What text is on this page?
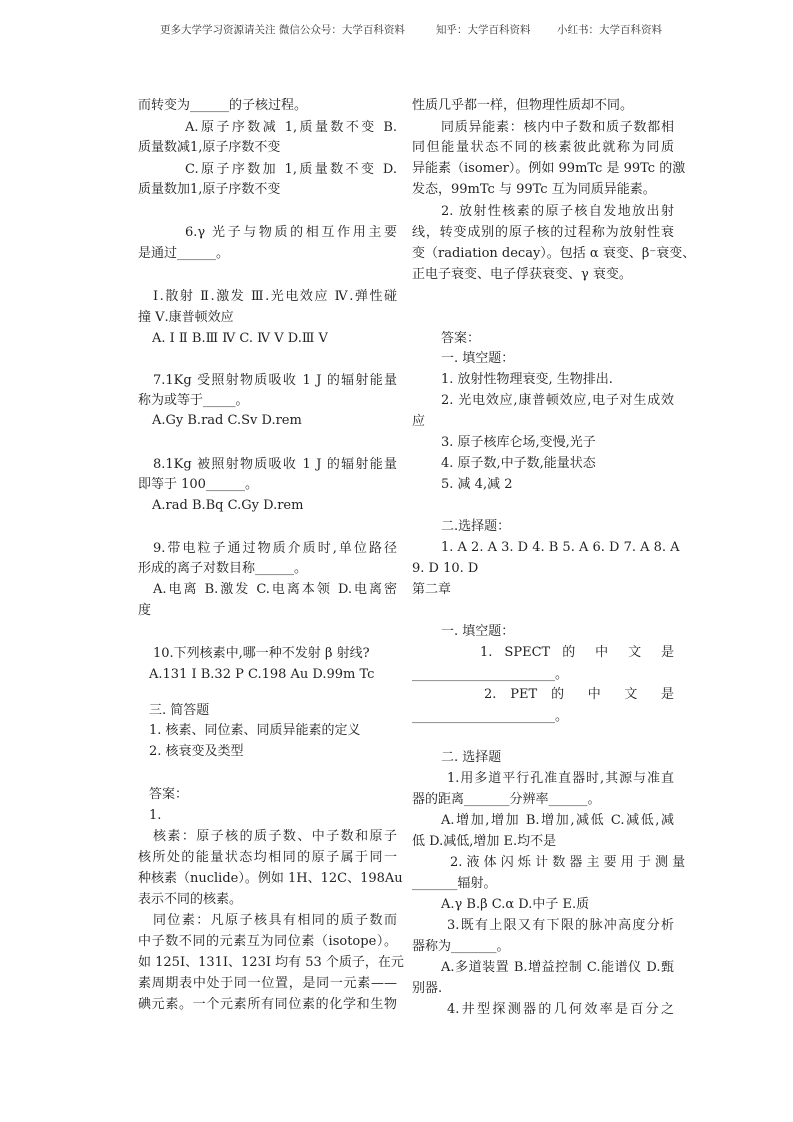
更多大学学习资源请关注 微信公众号：大学百科资料	知乎：大学百科资料	小红书：大学百科资料
而转变为______的子核过程。
A.原子序数减 1,质量数不变 B.
质量数减1,原子序数不变
C.原子序数加 1,质量数不变 D.
质量数加1,原子序数不变
6.γ 光子与物质的相互作用主要
是通过______。
Ⅰ.散射 Ⅱ.激发 Ⅲ.光电效应 Ⅳ.弹性碰
撞 Ⅴ.康普顿效应
A. Ⅰ Ⅱ B.Ⅲ Ⅳ C. Ⅳ Ⅴ D.Ⅲ Ⅴ
7.1Kg 受照射物质吸收 1 J 的辐射能量
称为或等于_____。
A.Gy B.rad C.Sv D.rem
8.1Kg 被照射物质吸收 1 J 的辐射能量
即等于 100______。
A.rad B.Bq C.Gy D.rem
9.带电粒子通过物质介质时,单位路径
形成的离子对数目称______。
A.电离 B.激发 C.电离本领 D.电离密
度
10.下列核素中,哪一种不发射 β 射线?
A.131 I B.32 P C.198 Au D.99m Tc
三. 简答题
1. 核素、同位素、同质异能素的定义
2. 核衰变及类型
答案：
1.
核素：原子核的质子数、中子数和原子
核所处的能量状态均相同的原子属于同一
种核素（nuclide）。例如 1H、12C、198Au
表示不同的核素。
同位素：凡原子核具有相同的质子数而
中子数不同的元素互为同位素（isotope）。
如 125I、131I、123I 均有 53 个质子，在元
素周期表中处于同一位置，是同一元素——
碘元素。一个元素所有同位素的化学和生物
性质几乎都一样，但物理性质却不同。
同质异能素：核内中子数和质子数都相
同但能量状态不同的核素彼此就称为同质
异能素（isomer）。例如 99mTc 是 99Tc 的激
发态，99mTc 与 99Tc 互为同质异能素。
2. 放射性核素的原子核自发地放出射
线，转变成别的原子核的过程称为放射性衰
变（radiation decay）。包括 α 衰变、β⁻衰变、
正电子衰变、电子俘获衰变、γ 衰变。
答案：
一. 填空题：
1. 放射性物理衰变, 生物排出.
2. 光电效应,康普顿效应,电子对生成效
应
3. 原子核库仑场,变慢,光子
4. 原子数,中子数,能量状态
5. 减 4,减 2
二.选择题：
1. A 2. A 3. D 4. B 5. A 6. D 7. A 8. A
9. D 10. D
第二章
一. 填空题：
1. SPECT 的 中 文 是
______________________。
2. PET 的 中 文 是
______________________。
二. 选择题
1.用多道平行孔准直器时,其源与准直
器的距离_______分辨率______。
A.增加,增加 B.增加,减低 C.减低,减
低 D.减低,增加 E.均不是
2. 液 体 闪 烁 计 数 器 主 要 用 于 测 量
_______辐射。
A.γ B.β C.α D.中子 E.质
3.既有上限又有下限的脉冲高度分析
器称为_______。
A.多道装置 B.增益控制 C.能谱仪 D.甄
别器.
4.井型探测器的几何效率是百分之
